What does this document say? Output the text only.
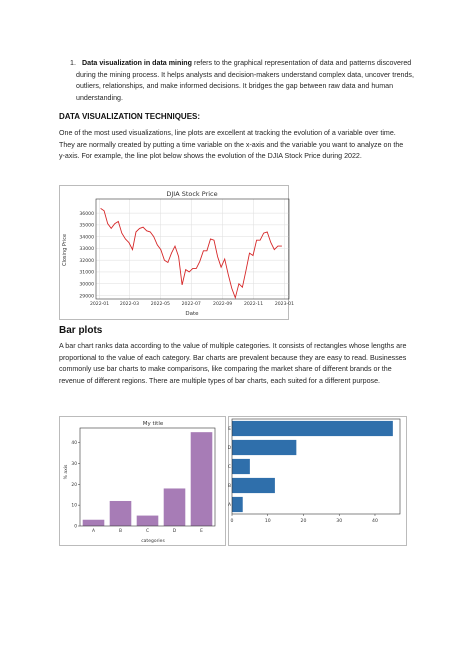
1. Data visualization in data mining refers to the graphical representation of data and patterns discovered during the mining process. It helps analysts and decision-makers understand complex data, uncover trends, outliers, relationships, and make informed decisions. It bridges the gap between raw data and human understanding.
DATA VISUALIZATION TECHNIQUES:
One of the most used visualizations, line plots are excellent at tracking the evolution of a variable over time. They are normally created by putting a time variable on the x-axis and the variable you want to analyze on the y-axis. For example, the line plot below shows the evolution of the DJIA Stock Price during 2022.
DJIA Stock Price
Date
Closing Price
29000
30000
31000
32000
33000
34000
35000
36000
2022-01 2022-03	2022-05	2022-07	2022-09	2022-11	2023-01
Bar plots
A bar chart ranks data according to the value of multiple categories. It consists of rectangles whose lengths are proportional to the value of each category. Bar charts are prevalent because they are easy to read. Businesses commonly use bar charts to make comparisons, like comparing the market share of different brands or the revenue of different regions. There are multiple types of bar charts, each suited for a different purpose.
My title
categories
% axis
0
10
20
30
40
A	B	C	D	E
0	10	20	30	40
A
B
C
D
E
